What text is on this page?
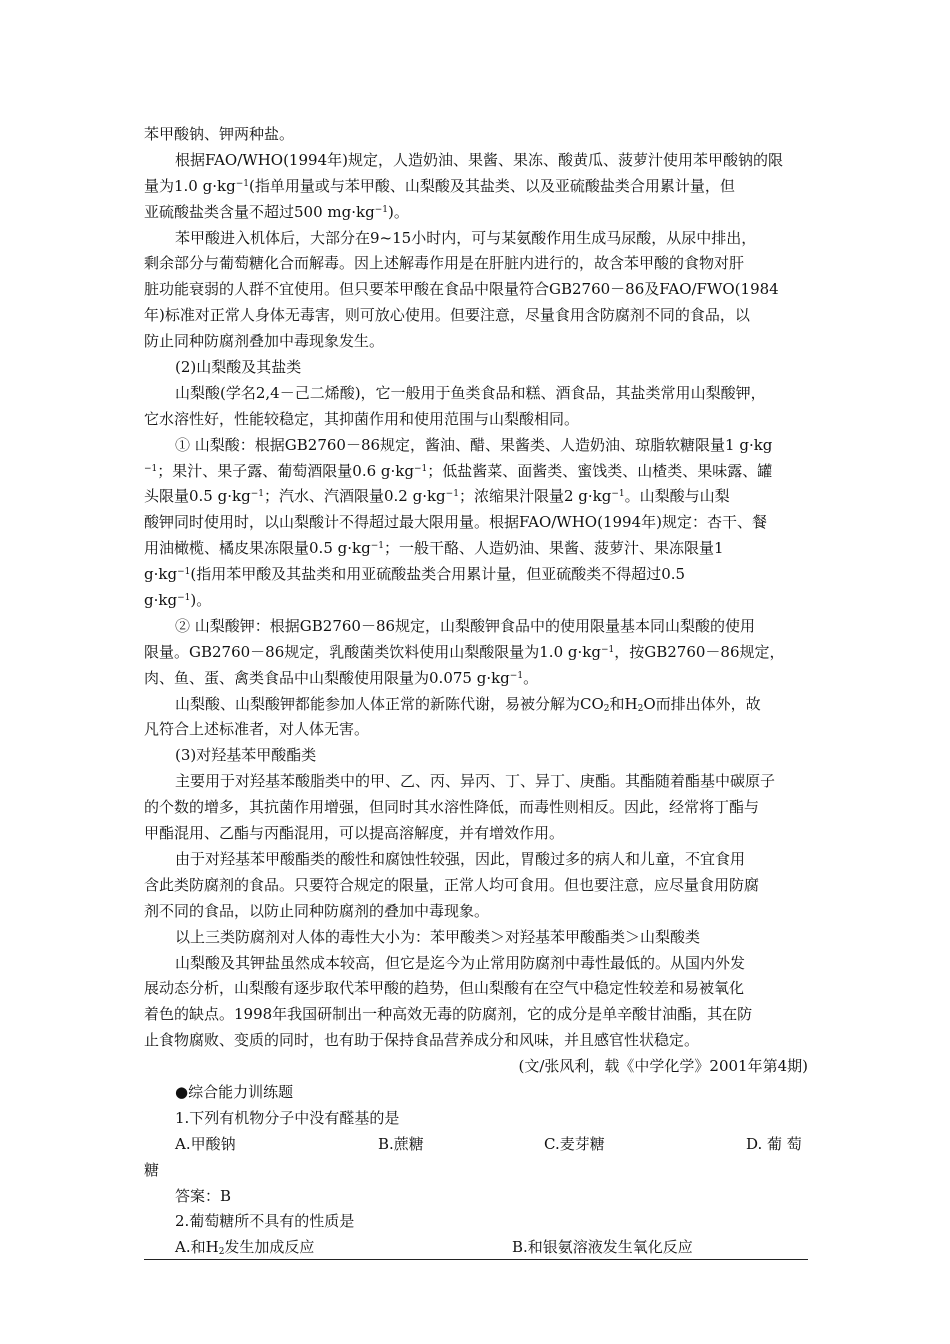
苯甲酸钠、钾两种盐。
根据FAO/WHO(1994年)规定，人造奶油、果酱、果冻、酸黄瓜、菠萝汁使用苯甲酸钠的限
量为1.0 $g\cdot kg^{-1}$(指单用量或与苯甲酸、山梨酸及其盐类、以及亚硫酸盐类合用累计量，但
亚硫酸盐类含量不超过500 $mg\cdot kg^{-1}$)。
苯甲酸进入机体后，大部分在9~15小时内，可与某氨酸作用生成马尿酸，从尿中排出，
剩余部分与葡萄糖化合而解毒。因上述解毒作用是在肝脏内进行的，故含苯甲酸的食物对肝
脏功能衰弱的人群不宜使用。但只要苯甲酸在食品中限量符合GB2760－86及FAO/FWO(1984
年)标准对正常人身体无毒害，则可放心使用。但要注意，尽量食用含防腐剂不同的食品，以
防止同种防腐剂叠加中毒现象发生。
(2)山梨酸及其盐类
山梨酸(学名2,4－己二烯酸)，它一般用于鱼类食品和糕、酒食品，其盐类常用山梨酸钾，
它水溶性好，性能较稳定，其抑菌作用和使用范围与山梨酸相同。
① 山梨酸：根据GB2760－86规定，酱油、醋、果酱类、人造奶油、琼脂软糖限量1 g·kg
$^{-1}$；果汁、果子露、葡萄酒限量0.6 $g\cdot kg^{-1}$；低盐酱菜、面酱类、蜜饯类、山楂类、果味露、罐
头限量0.5 $g\cdot kg^{-1}$；汽水、汽酒限量0.2 $g\cdot kg^{-1}$；浓缩果汁限量2 $g\cdot kg^{-1}$。山梨酸与山梨
酸钾同时使用时，以山梨酸计不得超过最大限用量。根据FAO/WHO(1994年)规定：杏干、餐
用油橄榄、橘皮果冻限量0.5 $g\cdot kg^{-1}$；一般干酪、人造奶油、果酱、菠萝汁、果冻限量1
$g\cdot kg^{-1}$(指用苯甲酸及其盐类和用亚硫酸盐类合用累计量，但亚硫酸类不得超过0.5
$g\cdot kg^{-1}$)。
② 山梨酸钾：根据GB2760－86规定，山梨酸钾食品中的使用限量基本同山梨酸的使用
限量。GB2760－86规定，乳酸菌类饮料使用山梨酸限量为1.0 $g\cdot kg^{-1}$，按GB2760－86规定，
肉、鱼、蛋、禽类食品中山梨酸使用限量为0.075 $g\cdot kg^{-1}$。
山梨酸、山梨酸钾都能参加人体正常的新陈代谢，易被分解为$CO_2$和$H_2O$而排出体外，故
凡符合上述标准者，对人体无害。
(3)对羟基苯甲酸酯类
主要用于对羟基苯酸脂类中的甲、乙、丙、异丙、丁、异丁、庚酯。其酯随着酯基中碳原子
的个数的增多，其抗菌作用增强，但同时其水溶性降低，而毒性则相反。因此，经常将丁酯与
甲酯混用、乙酯与丙酯混用，可以提高溶解度，并有增效作用。
由于对羟基苯甲酸酯类的酸性和腐蚀性较强，因此，胃酸过多的病人和儿童，不宜食用
含此类防腐剂的食品。只要符合规定的限量，正常人均可食用。但也要注意，应尽量食用防腐
剂不同的食品，以防止同种防腐剂的叠加中毒现象。
以上三类防腐剂对人体的毒性大小为：苯甲酸类＞对羟基苯甲酸酯类＞山梨酸类
山梨酸及其钾盐虽然成本较高，但它是迄今为止常用防腐剂中毒性最低的。从国内外发
展动态分析，山梨酸有逐步取代苯甲酸的趋势，但山梨酸有在空气中稳定性较差和易被氧化
着色的缺点。1998年我国研制出一种高效无毒的防腐剂，它的成分是单辛酸甘油酯，其在防
止食物腐败、变质的同时，也有助于保持食品营养成分和风味，并且感官性状稳定。
(文/张风利，载《中学化学》2001年第4期)
●综合能力训练题
1.下列有机物分子中没有醛基的是
A.甲酸钠	B.蔗糖	C.麦芽糖	D. 葡 萄
糖
答案：B
2.葡萄糖所不具有的性质是
A.和$H_2$发生加成反应	B.和银氨溶液发生氧化反应
